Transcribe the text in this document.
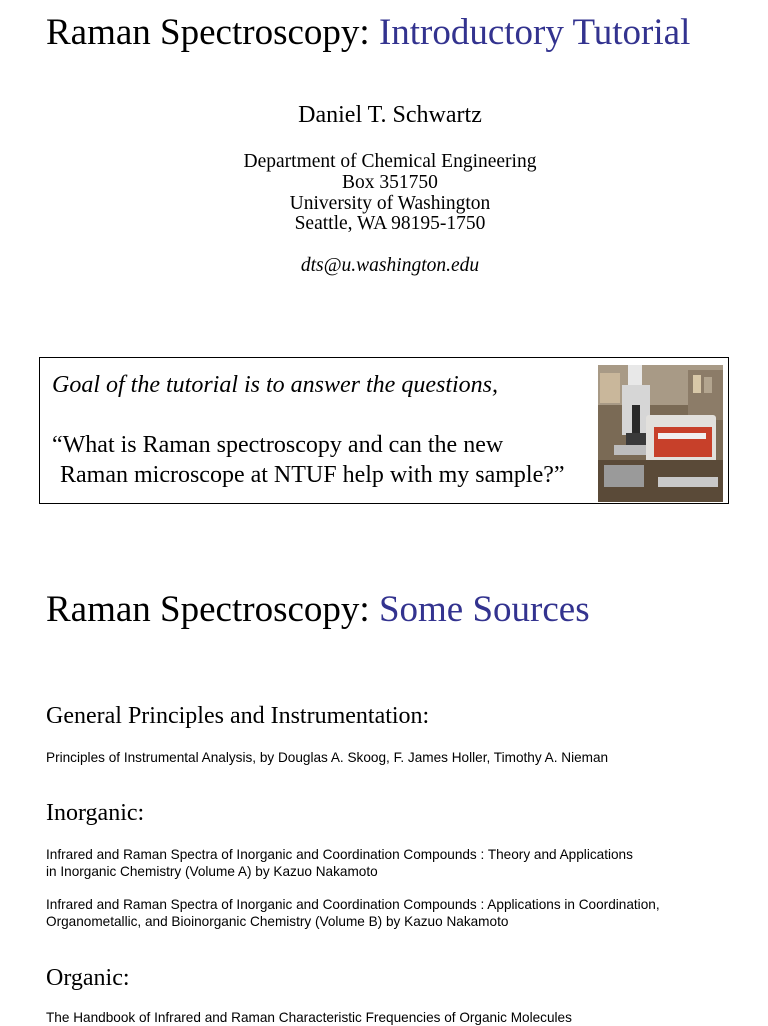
Raman Spectroscopy: Introductory Tutorial
Daniel T. Schwartz
Department of Chemical Engineering
Box 351750
University of Washington
Seattle, WA 98195-1750
dts@u.washington.edu
Goal of the tutorial is to answer the questions,
“What is Raman spectroscopy and can the new
Raman microscope at NTUF help with my sample?”
Raman Spectroscopy: Some Sources
General Principles and Instrumentation:
Principles of Instrumental Analysis, by Douglas A. Skoog, F. James Holler, Timothy A. Nieman
Inorganic:
Infrared and Raman Spectra of Inorganic and Coordination Compounds : Theory and Applications
in Inorganic Chemistry (Volume A) by Kazuo Nakamoto
Infrared and Raman Spectra of Inorganic and Coordination Compounds : Applications in Coordination,
Organometallic, and Bioinorganic Chemistry (Volume B) by Kazuo Nakamoto
Organic:
The Handbook of Infrared and Raman Characteristic Frequencies of Organic Molecules
